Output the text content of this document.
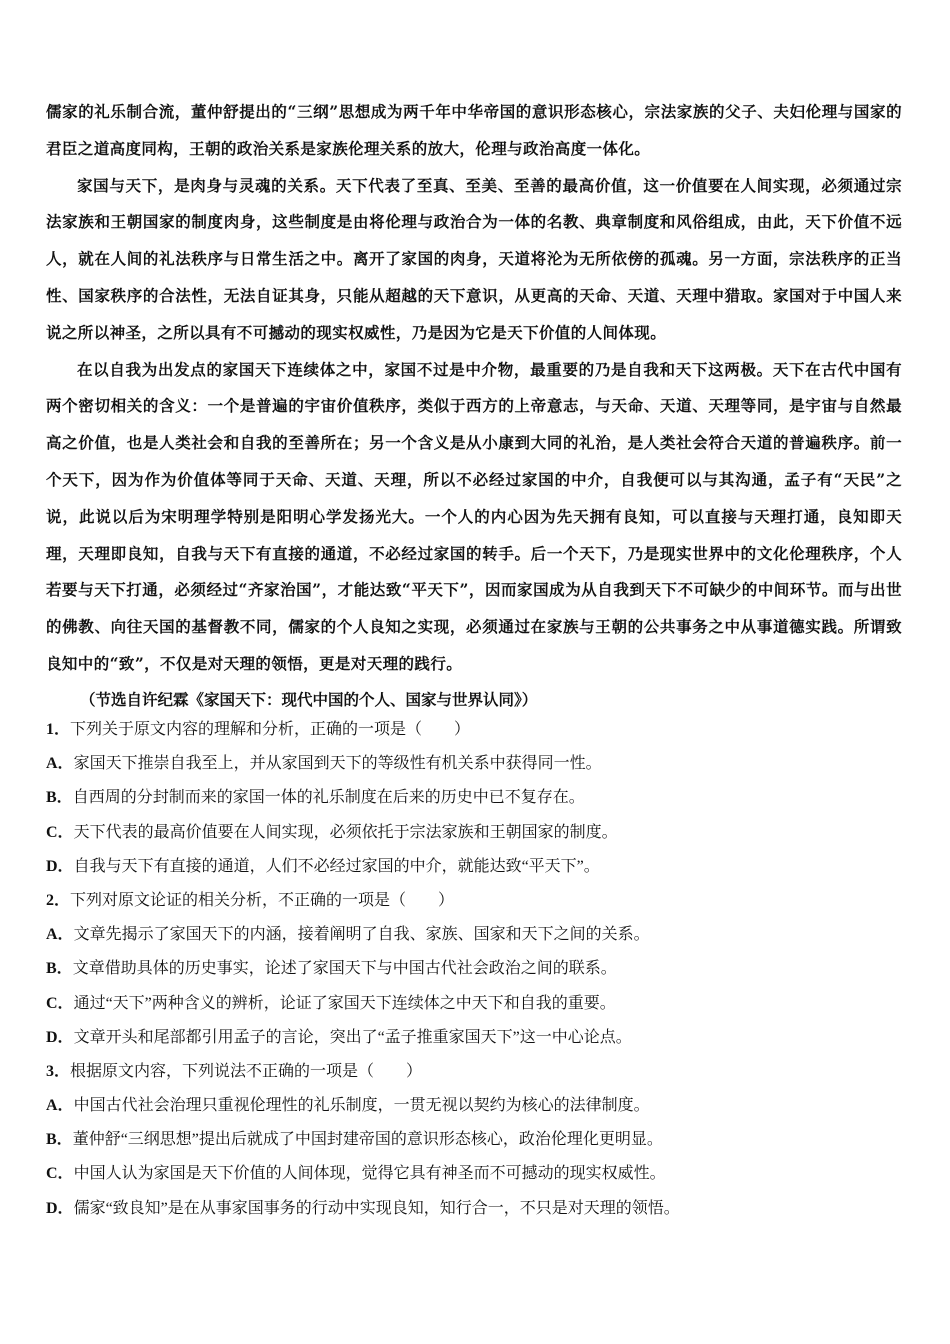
儒家的礼乐制合流，董仲舒提出的“三纲”思想成为两千年中华帝国的意识形态核心，宗法家族的父子、夫妇伦理与国家的君臣之道高度同构，王朝的政治关系是家族伦理关系的放大，伦理与政治高度一体化。

家国与天下，是肉身与灵魂的关系。天下代表了至真、至美、至善的最高价值，这一价值要在人间实现，必须通过宗法家族和王朝国家的制度肉身，这些制度是由将伦理与政治合为一体的名教、典章制度和风俗组成，由此，天下价值不远人，就在人间的礼法秩序与日常生活之中。离开了家国的肉身，天道将沦为无所依傍的孤魂。另一方面，宗法秩序的正当性、国家秩序的合法性，无法自证其身，只能从超越的天下意识，从更高的天命、天道、天理中猎取。家国对于中国人来说之所以神圣，之所以具有不可撼动的现实权威性，乃是因为它是天下价值的人间体现。

在以自我为出发点的家国天下连续体之中，家国不过是中介物，最重要的乃是自我和天下这两极。天下在古代中国有两个密切相关的含义：一个是普遍的宇宙价值秩序，类似于西方的上帝意志，与天命、天道、天理等同，是宇宙与自然最高之价值，也是人类社会和自我的至善所在；另一个含义是从小康到大同的礼治，是人类社会符合天道的普遍秩序。前一个天下，因为作为价值体等同于天命、天道、天理，所以不必经过家国的中介，自我便可以与其沟通，孟子有“天民”之说，此说以后为宋明理学特别是阳明心学发扬光大。一个人的内心因为先天拥有良知，可以直接与天理打通，良知即天理，天理即良知，自我与天下有直接的通道，不必经过家国的转手。后一个天下，乃是现实世界中的文化伦理秩序，个人若要与天下打通，必须经过“齐家治国”，才能达致“平天下”，因而家国成为从自我到天下不可缺少的中间环节。而与出世的佛教、向往天国的基督教不同，儒家的个人良知之实现，必须通过在家族与王朝的公共事务之中从事道德实践。所谓致良知中的“致”，不仅是对天理的领悟，更是对天理的践行。

（节选自许纪霖《家国天下：现代中国的个人、国家与世界认同》）

1．下列关于原文内容的理解和分析，正确的一项是（　　）
A．家国天下推崇自我至上，并从家国到天下的等级性有机关系中获得同一性。
B．自西周的分封制而来的家国一体的礼乐制度在后来的历史中已不复存在。
C．天下代表的最高价值要在人间实现，必须依托于宗法家族和王朝国家的制度。
D．自我与天下有直接的通道，人们不必经过家国的中介，就能达致“平天下”。
2．下列对原文论证的相关分析，不正确的一项是（　　）
A．文章先揭示了家国天下的内涵，接着阐明了自我、家族、国家和天下之间的关系。
B．文章借助具体的历史事实，论述了家国天下与中国古代社会政治之间的联系。
C．通过“天下”两种含义的辨析，论证了家国天下连续体之中天下和自我的重要。
D．文章开头和尾部都引用孟子的言论，突出了“孟子推重家国天下”这一中心论点。
3．根据原文内容，下列说法不正确的一项是（　　）
A．中国古代社会治理只重视伦理性的礼乐制度，一贯无视以契约为核心的法律制度。
B．董仲舒“三纲思想”提出后就成了中国封建帝国的意识形态核心，政治伦理化更明显。
C．中国人认为家国是天下价值的人间体现，觉得它具有神圣而不可撼动的现实权威性。
D．儒家“致良知”是在从事家国事务的行动中实现良知，知行合一，不只是对天理的领悟。
